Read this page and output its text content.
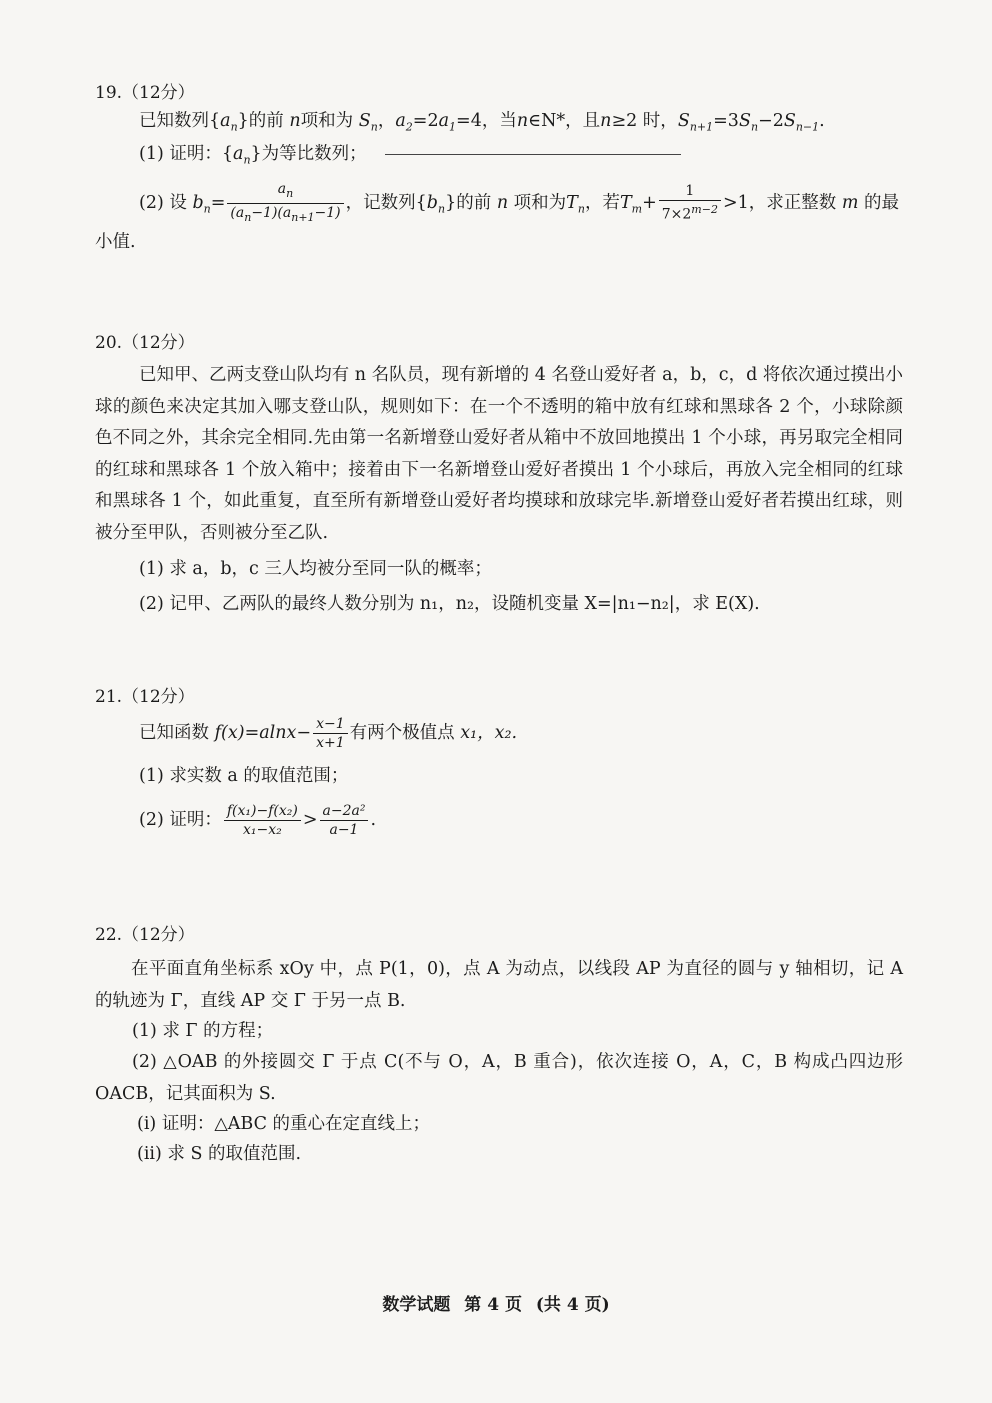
19.（12分）
已知数列$\{a_n\}$的前 n项和为 $S_n$，$a_2=2a_1=4$，当n∈N*，且n≥2 时，$S_{n+1}=3S_n-2S_{n-1}$.
(1) 证明：$\{a_n\}$为等比数列；
(2) 设 $b_n= \frac{a_n}{(a_n-1)(a_{n+1}-1)}$ ，记数列$\{b_n\}$的前 n 项和为$T_n$，若$T_m+ \frac{1}{7\times 2^{m-2}} >1$，求正整数 m 的最
小值.
20.（12分）
已知甲、乙两支登山队均有 n 名队员，现有新增的 4 名登山爱好者 a，b，c，d 将依次通过摸出小球的颜色来决定其加入哪支登山队，规则如下：在一个不透明的箱中放有红球和黑球各 2 个，小球除颜色不同之外，其余完全相同.先由第一名新增登山爱好者从箱中不放回地摸出 1 个小球，再另取完全相同的红球和黑球各 1 个放入箱中；接着由下一名新增登山爱好者摸出 1 个小球后，再放入完全相同的红球和黑球各 1 个，如此重复，直至所有新增登山爱好者均摸球和放球完毕.新增登山爱好者若摸出红球，则被分至甲队，否则被分至乙队.
(1) 求 a，b，c 三人均被分至同一队的概率；
(2) 记甲、乙两队的最终人数分别为 n₁，n₂，设随机变量 X=|n₁−n₂|，求 E(X).
21.（12分）
已知函数 $f(x)=alnx- \frac{x-1}{x+1}$ 有两个极值点 x₁，x₂.
(1) 求实数 a 的取值范围；
(2) 证明： $\frac{\text{f(x₁)−f(x₂)}}{\text{x₁−x₂}} > \frac{\text{a−2a²}}{a-1}$ .
22.（12分）
在平面直角坐标系 xOy 中，点 P(1，0)，点 A 为动点，以线段 AP 为直径的圆与 y 轴相切，记 A 的轨迹为 Γ，直线 AP 交 Γ 于另一点 B.
(1) 求 Γ 的方程；
(2) △OAB 的外接圆交 Γ 于点 C(不与 O，A，B 重合)，依次连接 O，A，C，B 构成凸四边形 OACB，记其面积为 S.
(i) 证明：△ABC 的重心在定直线上；
(ii) 求 S 的取值范围.
数学试题 第 4 页 (共 4 页)
